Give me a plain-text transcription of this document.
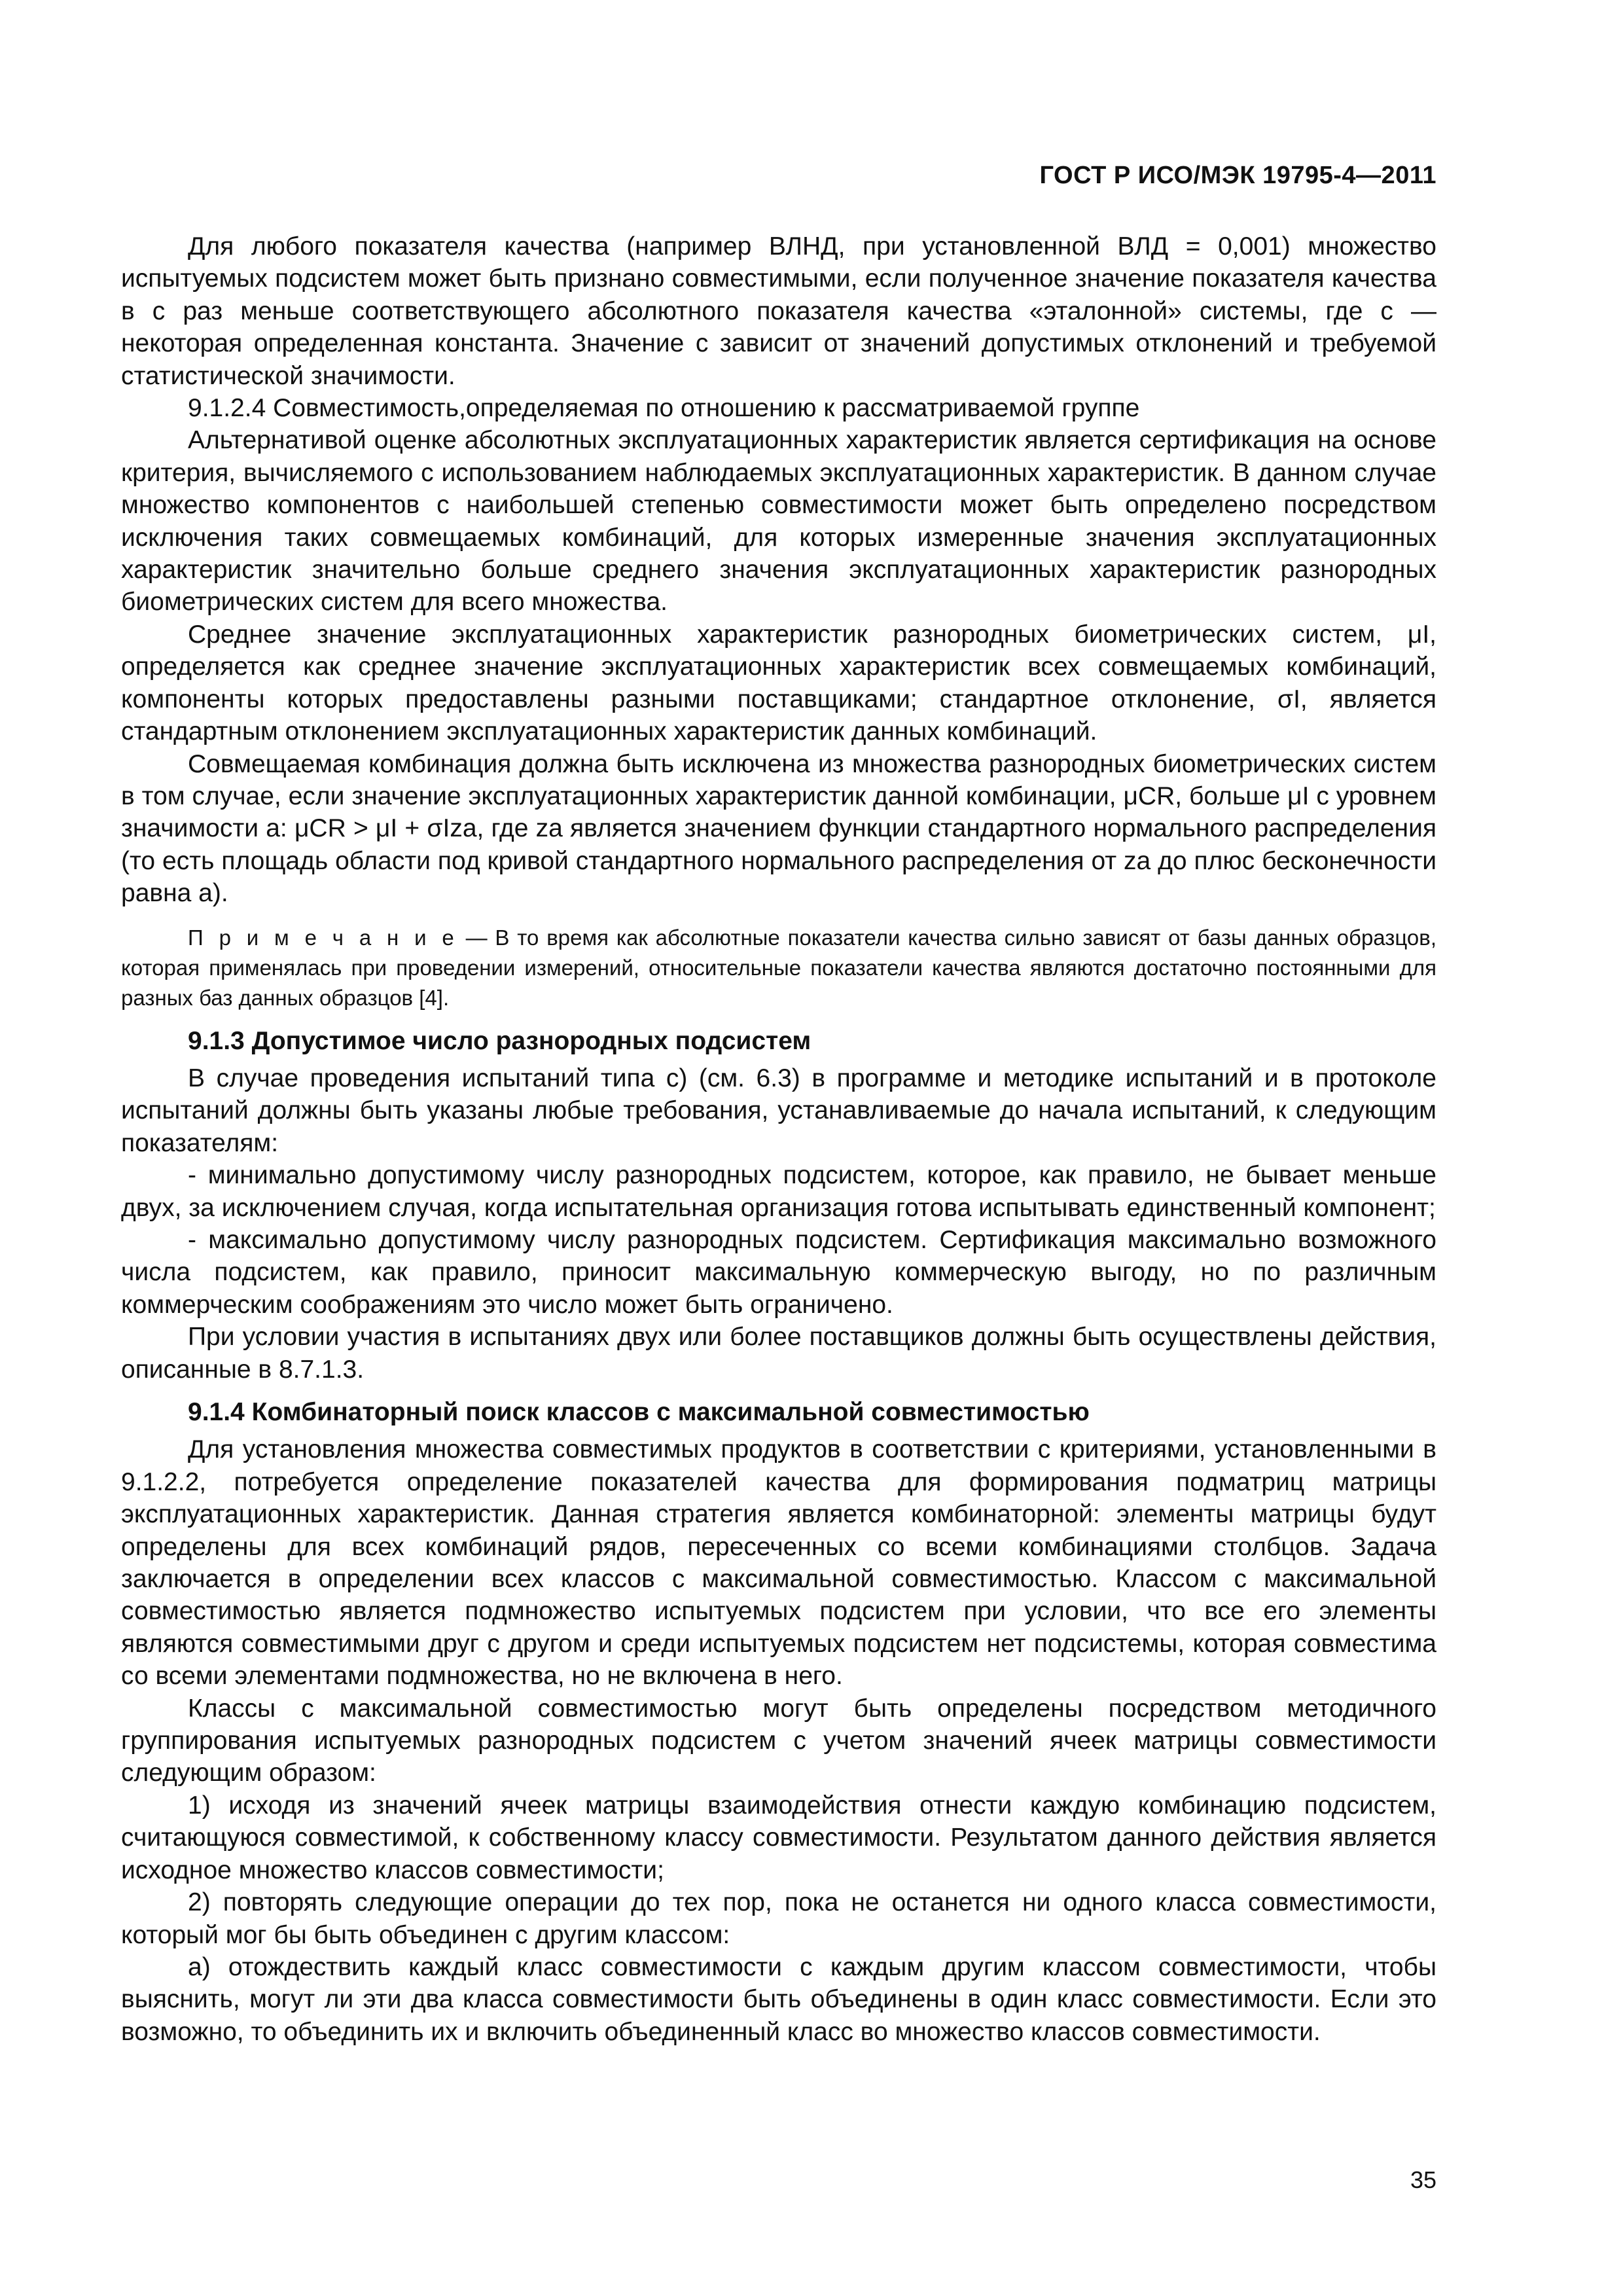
ГОСТ Р ИСО/МЭК 19795-4—2011

Для любого показателя качества (например ВЛНД, при установленной ВЛД = 0,001) множество испытуемых подсистем может быть признано совместимыми, если полученное значение показателя качества в c раз меньше соответствующего абсолютного показателя качества «эталонной» системы, где c — некоторая определенная константа. Значение c зависит от значений допустимых отклонений и требуемой статистической значимости.

9.1.2.4 Совместимость,определяемая по отношению к рассматриваемой группе

Альтернативой оценке абсолютных эксплуатационных характеристик является сертификация на основе критерия, вычисляемого с использованием наблюдаемых эксплуатационных характеристик. В данном случае множество компонентов с наибольшей степенью совместимости может быть определено посредством исключения таких совмещаемых комбинаций, для которых измеренные значения эксплуатационных характеристик значительно больше среднего значения эксплуатационных характеристик разнородных биометрических систем для всего множества.

Среднее значение эксплуатационных характеристик разнородных биометрических систем, μI, определяется как среднее значение эксплуатационных характеристик всех совмещаемых комбинаций, компоненты которых предоставлены разными поставщиками; стандартное отклонение, σI, является стандартным отклонением эксплуатационных характеристик данных комбинаций.

Совмещаемая комбинация должна быть исключена из множества разнородных биометрических систем в том случае, если значение эксплуатационных характеристик данной комбинации, μCR, больше μI с уровнем значимости a: μCR > μI + σIza, где za является значением функции стандартного нормального распределения (то есть площадь области под кривой стандартного нормального распределения от za до плюс бесконечности равна a).

П р и м е ч а н и е — В то время как абсолютные показатели качества сильно зависят от базы данных образцов, которая применялась при проведении измерений, относительные показатели качества являются достаточно постоянными для разных баз данных образцов [4].

9.1.3 Допустимое число разнородных подсистем

В случае проведения испытаний типа с) (см. 6.3) в программе и методике испытаний и в протоколе испытаний должны быть указаны любые требования, устанавливаемые до начала испытаний, к следующим показателям:

- минимально допустимому числу разнородных подсистем, которое, как правило, не бывает меньше двух, за исключением случая, когда испытательная организация готова испытывать единственный компонент;

- максимально допустимому числу разнородных подсистем. Сертификация максимально возможного числа подсистем, как правило, приносит максимальную коммерческую выгоду, но по различным коммерческим соображениям это число может быть ограничено.

При условии участия в испытаниях двух или более поставщиков должны быть осуществлены действия, описанные в 8.7.1.3.

9.1.4 Комбинаторный поиск классов с максимальной совместимостью

Для установления множества совместимых продуктов в соответствии с критериями, установленными в 9.1.2.2, потребуется определение показателей качества для формирования подматриц матрицы эксплуатационных характеристик. Данная стратегия является комбинаторной: элементы матрицы будут определены для всех комбинаций рядов, пересеченных со всеми комбинациями столбцов. Задача заключается в определении всех классов с максимальной совместимостью. Классом с максимальной совместимостью является подмножество испытуемых подсистем при условии, что все его элементы являются совместимыми друг с другом и среди испытуемых подсистем нет подсистемы, которая совместима со всеми элементами подмножества, но не включена в него.

Классы с максимальной совместимостью могут быть определены посредством методичного группирования испытуемых разнородных подсистем с учетом значений ячеек матрицы совместимости следующим образом:

1) исходя из значений ячеек матрицы взаимодействия отнести каждую комбинацию подсистем, считающуюся совместимой, к собственному классу совместимости. Результатом данного действия является исходное множество классов совместимости;

2) повторять следующие операции до тех пор, пока не останется ни одного класса совместимости, который мог бы быть объединен с другим классом:

a) отождествить каждый класс совместимости с каждым другим классом совместимости, чтобы выяснить, могут ли эти два класса совместимости быть объединены в один класс совместимости. Если это возможно, то объединить их и включить объединенный класс во множество классов совместимости.

35
